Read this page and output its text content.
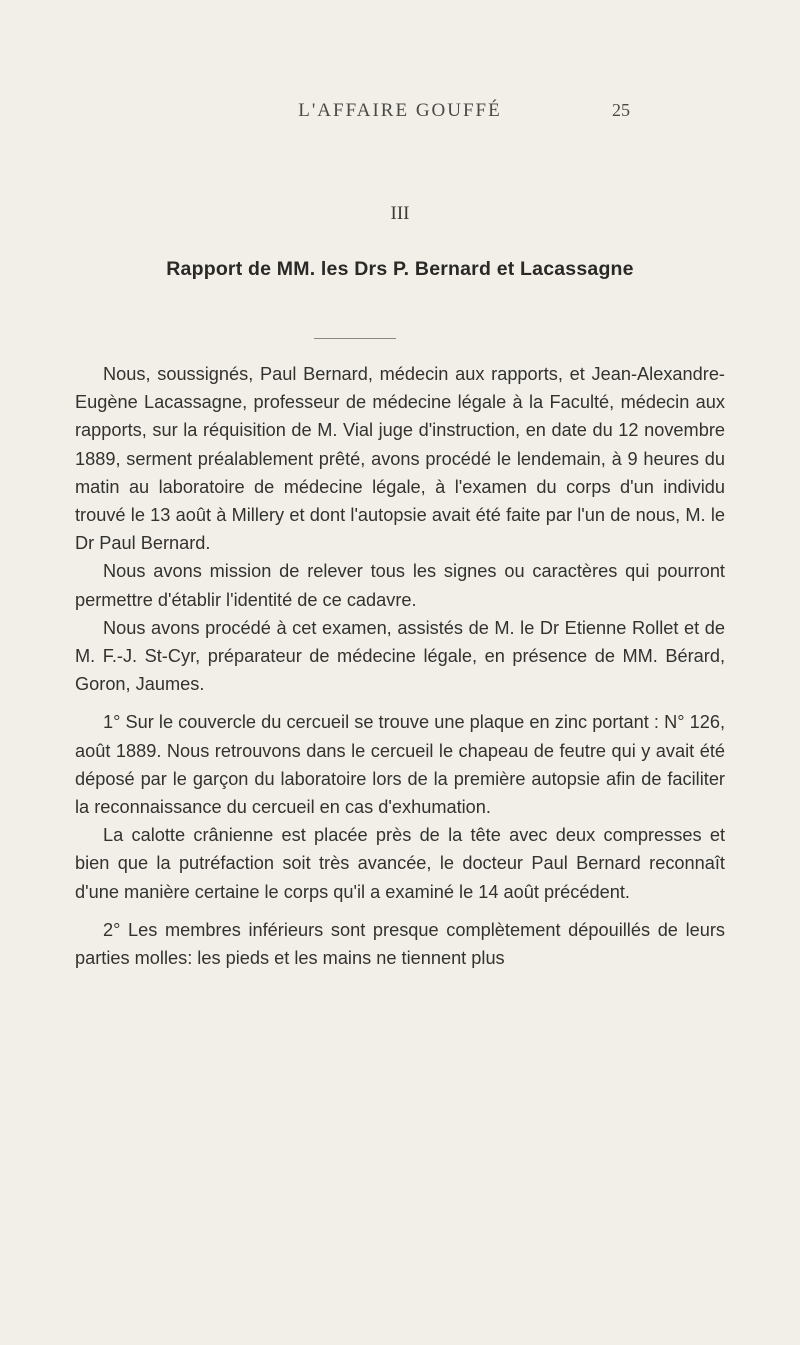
L'AFFAIRE GOUFFÉ	25
III
Rapport de MM. les Drs P. Bernard et Lacassagne

Nous, soussignés, Paul Bernard, médecin aux rapports, et Jean-Alexandre-Eugène Lacassagne, professeur de médecine légale à la Faculté, médecin aux rapports, sur la réquisition de M. Vial juge d'instruction, en date du 12 novembre 1889, serment préalablement prêté, avons procédé le lendemain, à 9 heures du matin au laboratoire de médecine légale, à l'examen du corps d'un individu trouvé le 13 août à Millery et dont l'autopsie avait été faite par l'un de nous, M. le Dr Paul Bernard.

Nous avons mission de relever tous les signes ou caractères qui pourront permettre d'établir l'identité de ce cadavre.

Nous avons procédé à cet examen, assistés de M. le Dr Etienne Rollet et de M. F.-J. St-Cyr, préparateur de médecine légale, en présence de MM. Bérard, Goron, Jaumes.

1° Sur le couvercle du cercueil se trouve une plaque en zinc portant : N° 126, août 1889. Nous retrouvons dans le cercueil le chapeau de feutre qui y avait été déposé par le garçon du laboratoire lors de la première autopsie afin de faciliter la reconnaissance du cercueil en cas d'exhumation.

La calotte crânienne est placée près de la tête avec deux compresses et bien que la putréfaction soit très avancée, le docteur Paul Bernard reconnaît d'une manière certaine le corps qu'il a examiné le 14 août précédent.

2° Les membres inférieurs sont presque complètement dépouillés de leurs parties molles: les pieds et les mains ne tiennent plus
